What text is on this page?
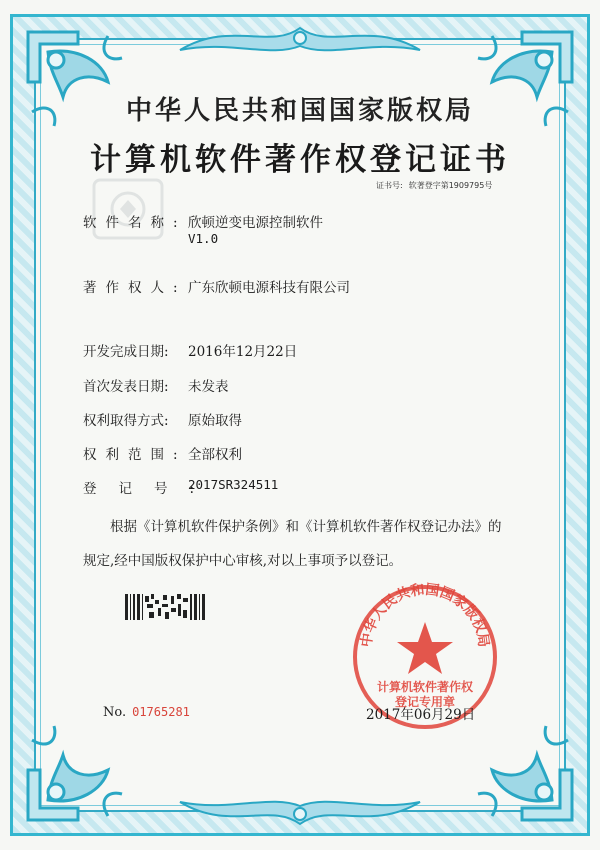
中华人民共和国国家版权局
计算机软件著作权登记证书
证书号: 软著登字第1909795号
软件名称: 欣顿逆变电源控制软件
V1.0
著作权人: 广东欣顿电源科技有限公司
开发完成日期:	2016年12月22日
首次发表日期:	未发表
权利取得方式:	原始取得
权利范围: 全部权利
登记号:
2017SR324511

根据《计算机软件保护条例》和《计算机软件著作权登记办法》的

规定,经中国版权保护中心审核,对以上事项予以登记。

中华人民共和国国家版权局
计算机软件著作权
登记专用章
No. 01765281	2017年06月29日
